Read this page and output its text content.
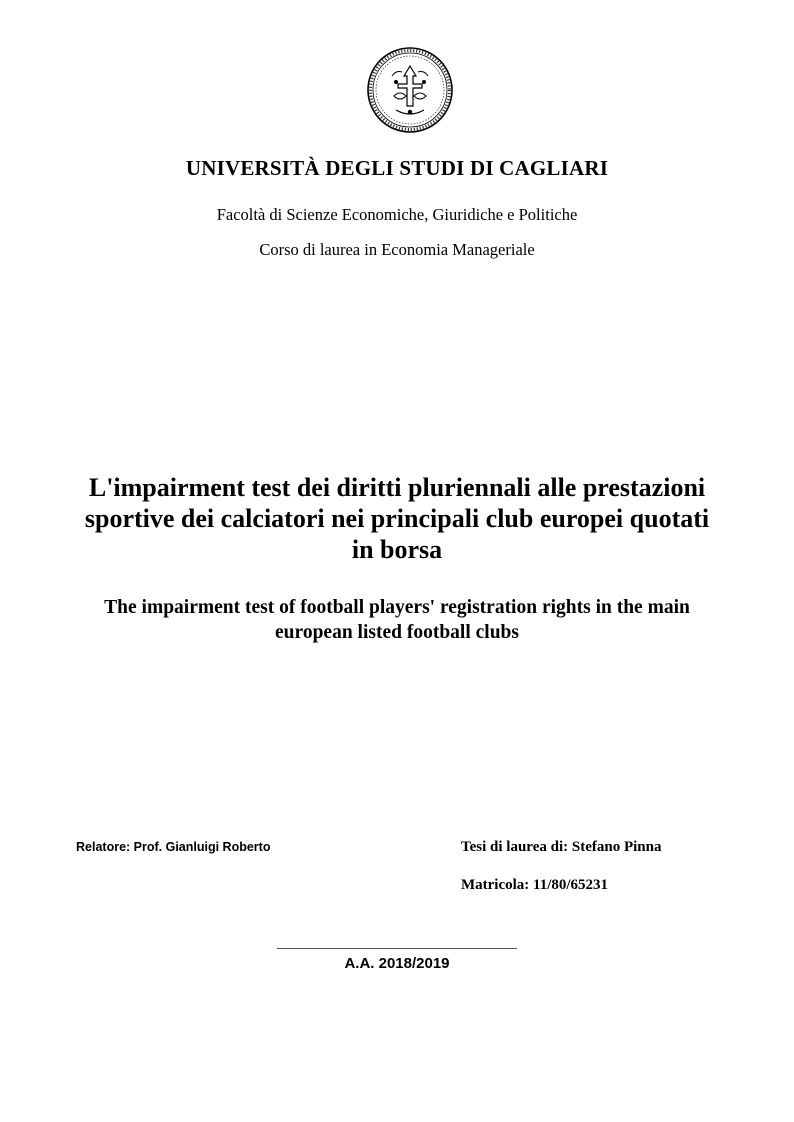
UNIVERSITÀ DEGLI STUDI DI CAGLIARI
Facoltà di Scienze Economiche, Giuridiche e Politiche
Corso di laurea in Economia Manageriale
L'impairment test dei diritti pluriennali alle prestazioni
sportive dei calciatori nei principali club europei quotati
in borsa
The impairment test of football players' registration rights in the main
european listed football clubs
Relatore: Prof. Gianluigi Roberto	Tesi di laurea di: Stefano Pinna
Matricola: 11/80/65231
A.A. 2018/2019
